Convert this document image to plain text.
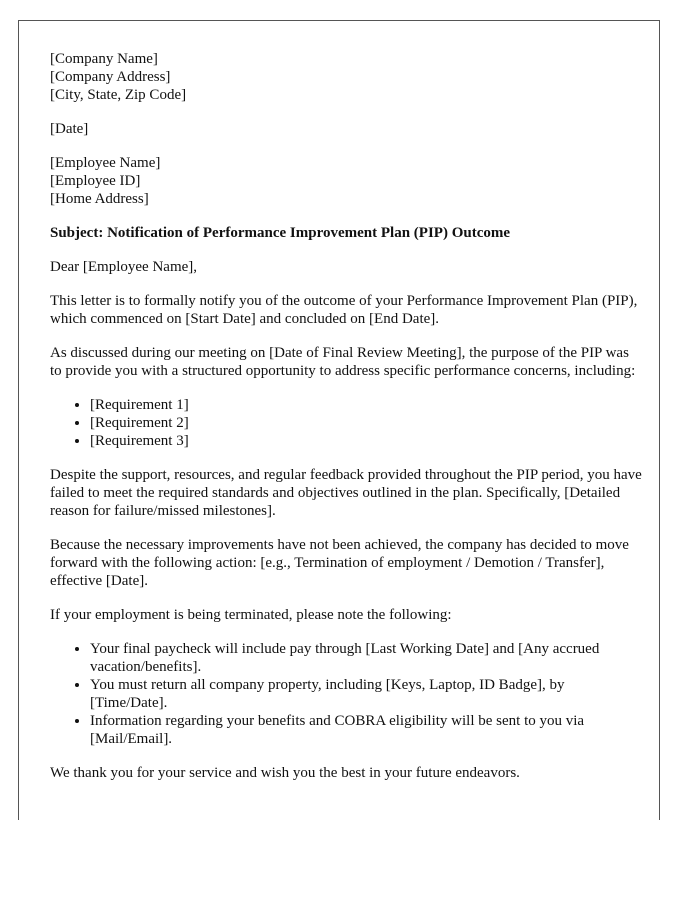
[Company Name]
[Company Address]
[City, State, Zip Code]

[Date]

[Employee Name]
[Employee ID]
[Home Address]

Subject: Notification of Performance Improvement Plan (PIP) Outcome

Dear [Employee Name],

This letter is to formally notify you of the outcome of your Performance Improvement Plan (PIP), which commenced on [Start Date] and concluded on [End Date].

As discussed during our meeting on [Date of Final Review Meeting], the purpose of the PIP was to provide you with a structured opportunity to address specific performance concerns, including:

• [Requirement 1]
• [Requirement 2]
• [Requirement 3]

Despite the support, resources, and regular feedback provided throughout the PIP period, you have failed to meet the required standards and objectives outlined in the plan. Specifically, [Detailed reason for failure/missed milestones].

Because the necessary improvements have not been achieved, the company has decided to move forward with the following action: [e.g., Termination of employment / Demotion / Transfer], effective [Date].

If your employment is being terminated, please note the following:

• Your final paycheck will include pay through [Last Working Date] and [Any accrued vacation/benefits].
• You must return all company property, including [Keys, Laptop, ID Badge], by [Time/Date].
• Information regarding your benefits and COBRA eligibility will be sent to you via [Mail/Email].

We thank you for your service and wish you the best in your future endeavors.
